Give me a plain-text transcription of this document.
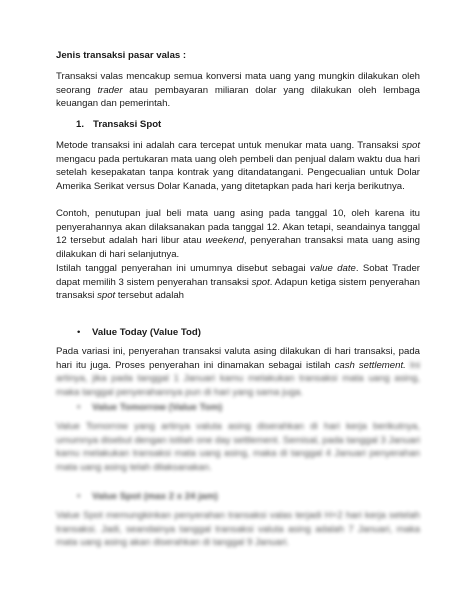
Jenis transaksi pasar valas :
Transaksi valas mencakup semua konversi mata uang yang mungkin dilakukan oleh seorang trader atau pembayaran miliaran dolar yang dilakukan oleh lembaga keuangan dan pemerintah.
1. Transaksi Spot
Metode transaksi ini adalah cara tercepat untuk menukar mata uang. Transaksi spot mengacu pada pertukaran mata uang oleh pembeli dan penjual dalam waktu dua hari setelah kesepakatan tanpa kontrak yang ditandatangani. Pengecualian untuk Dolar Amerika Serikat versus Dolar Kanada, yang ditetapkan pada hari kerja berikutnya.
Contoh, penutupan jual beli mata uang asing pada tanggal 10, oleh karena itu penyerahannya akan dilaksanakan pada tanggal 12. Akan tetapi, seandainya tanggal 12 tersebut adalah hari libur atau weekend, penyerahan transaksi mata uang asing dilakukan di hari selanjutnya.
Istilah tanggal penyerahan ini umumnya disebut sebagai value date. Sobat Trader dapat memilih 3 sistem penyerahan transaksi spot. Adapun ketiga sistem penyerahan transaksi spot tersebut adalah
• Value Today (Value Tod)
Pada variasi ini, penyerahan transaksi valuta asing dilakukan di hari transaksi, pada hari itu juga. Proses penyerahan ini dinamakan sebagai istilah cash settlement. Ini artinya, jika pada tanggal 1 Januari kamu melakukan transaksi mata uang asing, maka tanggal penyerahannya pun di hari yang sama juga.
• Value Tomorrow (Value Tom)
Value Tomorrow yang artinya valuta asing diserahkan di hari kerja berikutnya, umumnya disebut dengan istilah one day settlement. Semisal, pada tanggal 3 Januari kamu melakukan transaksi mata uang asing, maka di tanggal 4 Januari penyerahan mata uang asing telah dilaksanakan.
• Value Spot (max 2 x 24 jam)
Value Spot memungkinkan penyerahan transaksi valas terjadi H+2 hari kerja setelah transaksi. Jadi, seandainya tanggal transaksi valuta asing adalah 7 Januari, maka mata uang asing akan diserahkan di tanggal 9 Januari.
